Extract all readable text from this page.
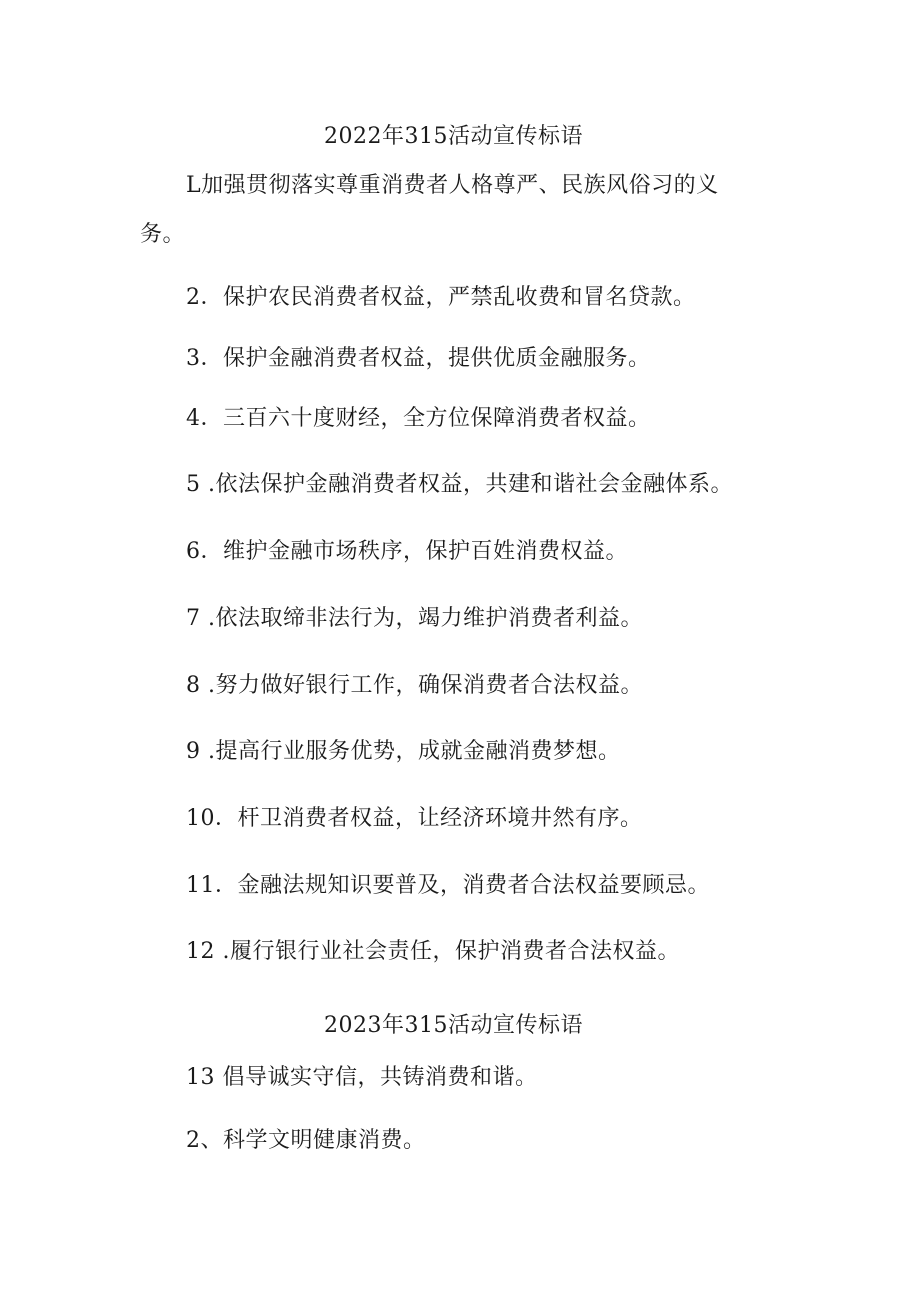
2022年315活动宣传标语
L加强贯彻落实尊重消费者人格尊严、民族风俗习的义
务。
2．保护农民消费者权益，严禁乱收费和冒名贷款。
3．保护金融消费者权益，提供优质金融服务。
4．三百六十度财经，全方位保障消费者权益。
5 .依法保护金融消费者权益，共建和谐社会金融体系。
6．维护金融市场秩序，保护百姓消费权益。
7 .依法取缔非法行为，竭力维护消费者利益。
8 .努力做好银行工作，确保消费者合法权益。
9 .提高行业服务优势，成就金融消费梦想。
10．杆卫消费者权益，让经济环境井然有序。
11．金融法规知识要普及，消费者合法权益要顾忌。
12 .履行银行业社会责任，保护消费者合法权益。
2023年315活动宣传标语
13 倡导诚实守信，共铸消费和谐。
2、科学文明健康消费。
